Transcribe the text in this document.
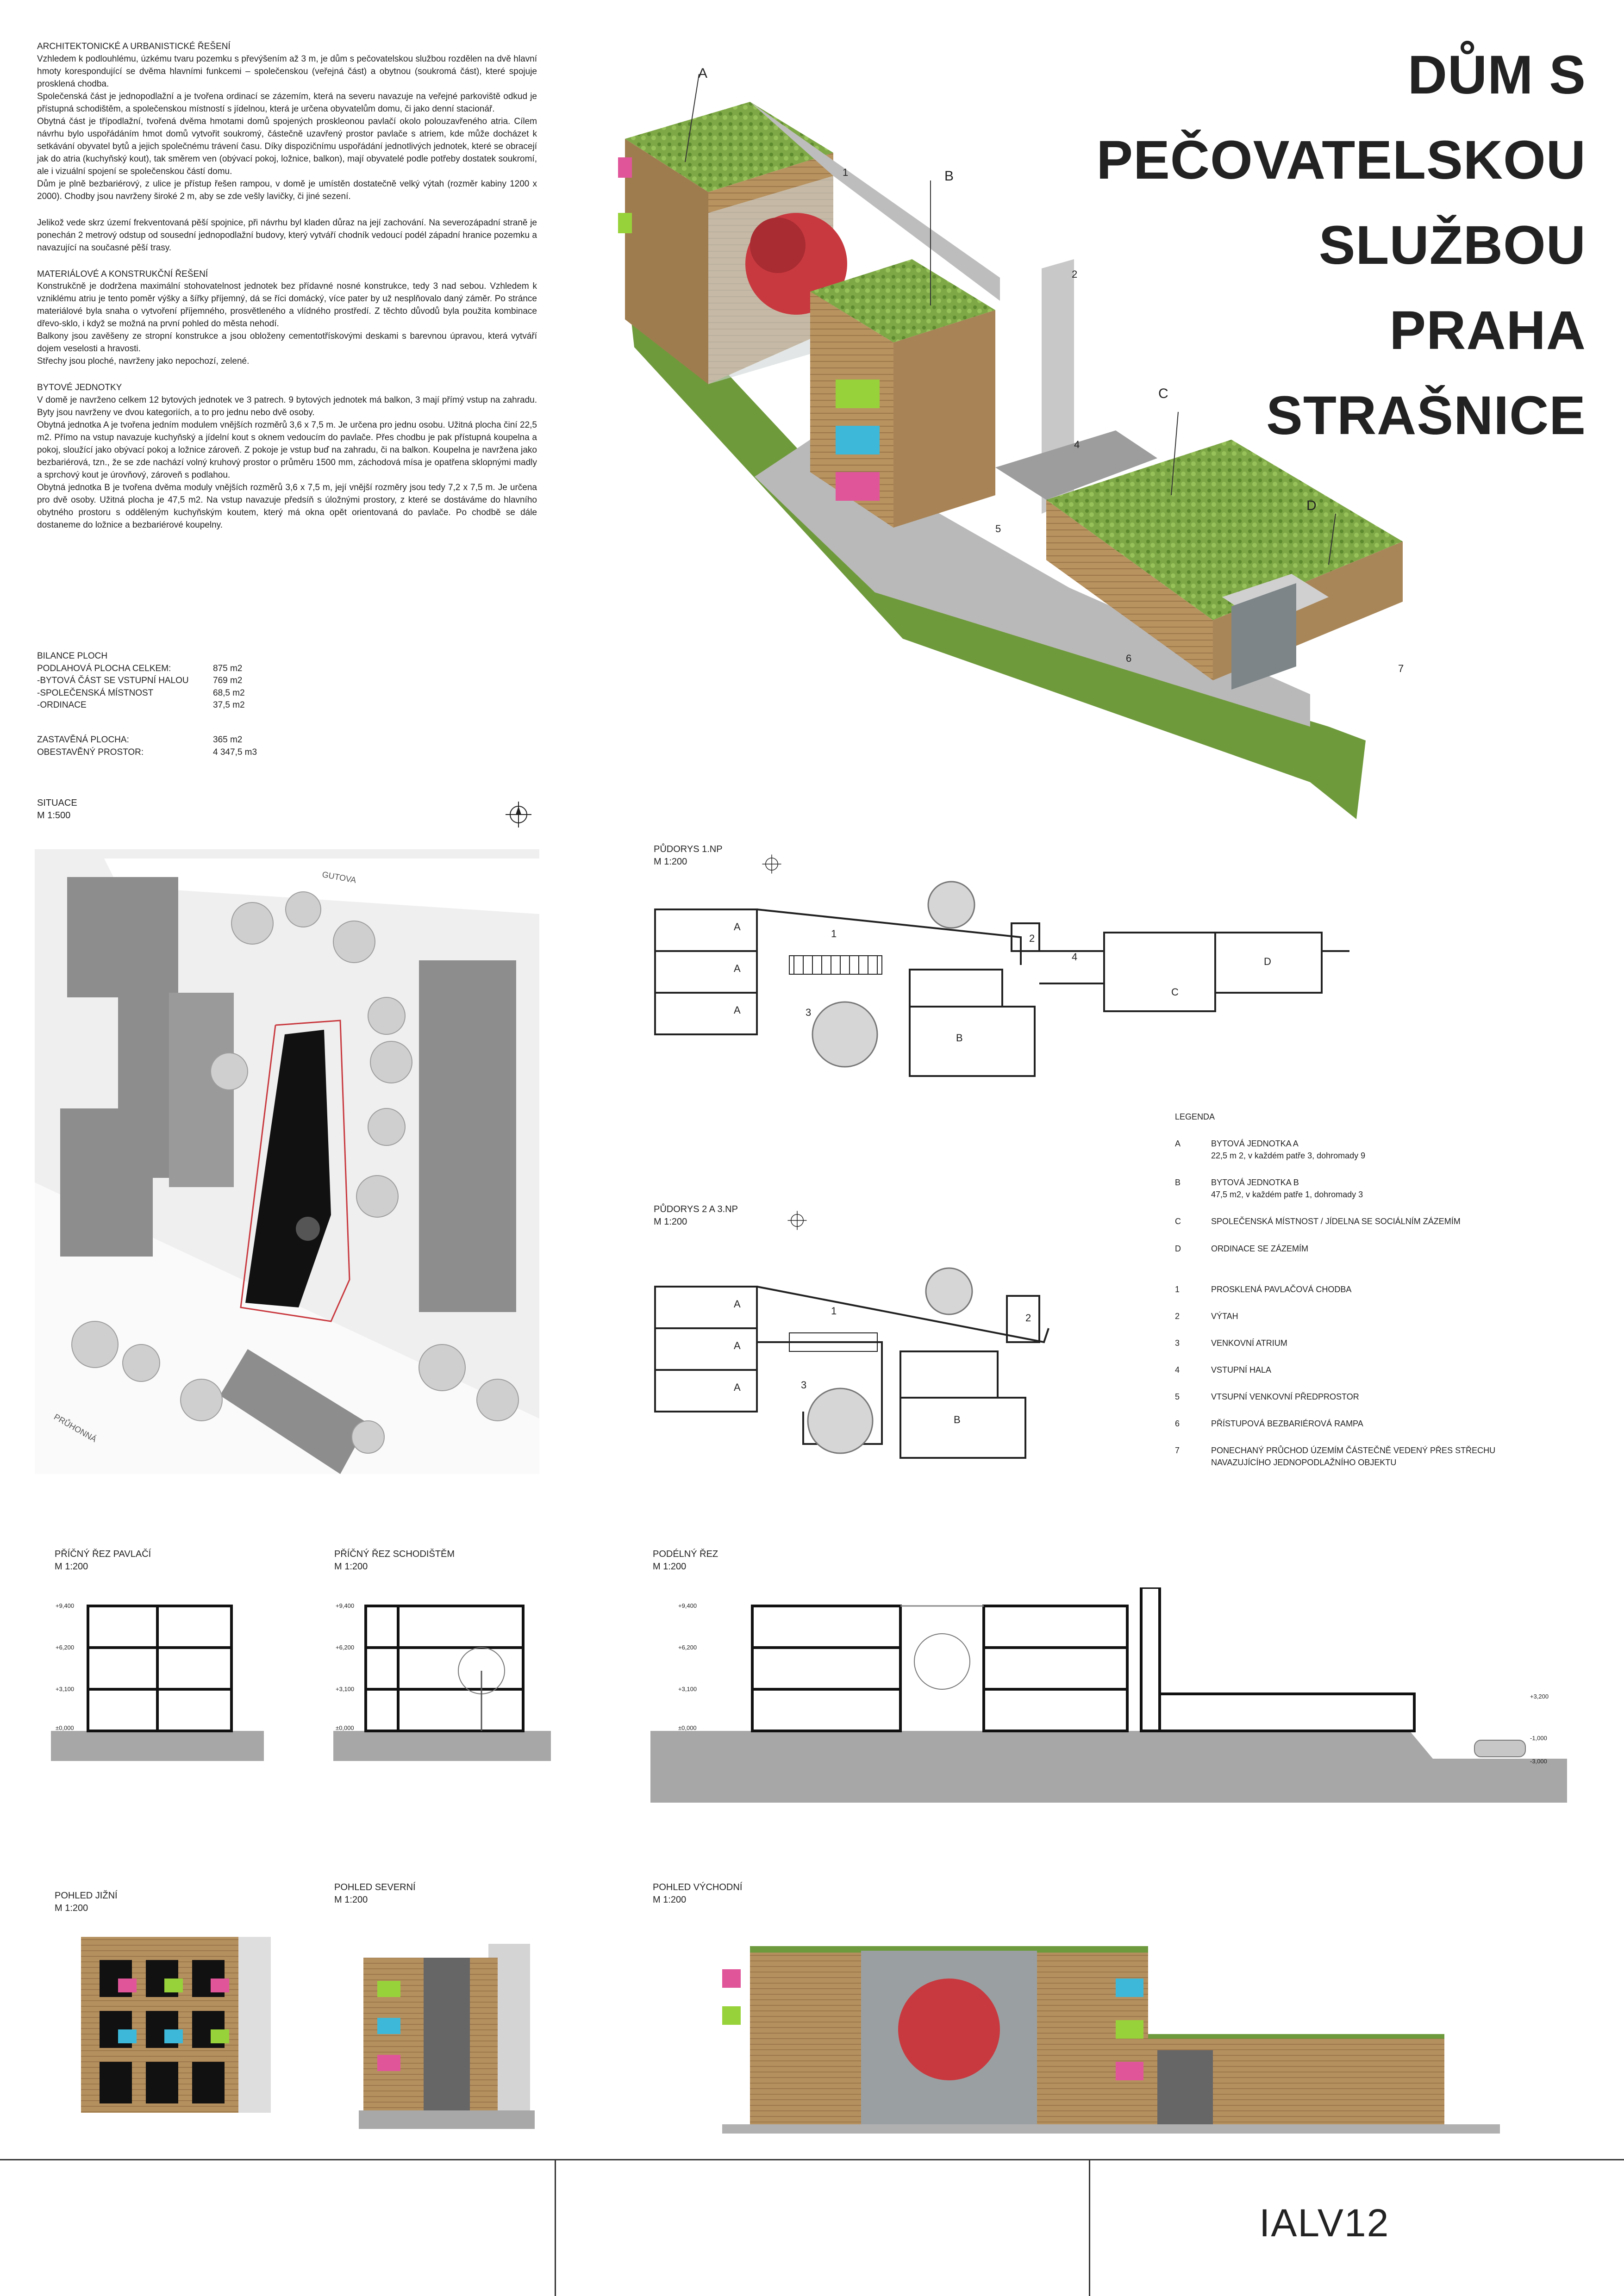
ARCHITEKTONICKÉ A URBANISTICKÉ ŘEŠENÍ

Vzhledem k podlouhlému, úzkému tvaru pozemku s převýšením až 3 m, je dům s pečovatelskou službou rozdělen na dvě hlavní hmoty korespondující se dvěma hlavními funkcemi – společenskou (veřejná část) a obytnou (soukromá část), které spojuje prosklená chodba.

Společenská část je jednopodlažní a je tvořena ordinací se zázemím, která na severu navazuje na veřejné parkoviště odkud je přístupná schodištěm, a společenskou místností s jídelnou, která je určena obyvatelům domu, či jako denní stacionář.

Obytná část je třípodlažní, tvořená dvěma hmotami domů spojených proskleonou pavlačí okolo polouzavřeného atria. Cílem návrhu bylo uspořádáním hmot domů vytvořit soukromý, částečně uzavřený prostor pavlače s atriem, kde může docházet k setkávání obyvatel bytů a jejich společnému trávení času. Díky dispozičnímu uspořádání jednotlivých jednotek, které se obracejí jak do atria (kuchyňský kout), tak směrem ven (obývací pokoj, ložnice, balkon), mají obyvatelé podle potřeby dostatek soukromí, ale i vizuální spojení se společenskou částí domu.

Dům je plně bezbariérový, z ulice je přístup řešen rampou, v domě je umístěn dostatečně velký výtah (rozměr kabiny 1200 x 2000). Chodby jsou navrženy široké 2 m, aby se zde vešly lavičky, či jiné sezení.

Jelikož vede skrz území frekventovaná pěší spojnice, při návrhu byl kladen důraz na její zachování. Na severozápadní straně je ponechán 2 metrový odstup od sousední jednopodlažní budovy, který vytváří chodník vedoucí podél západní hranice pozemku a navazující na současné pěší trasy.

MATERIÁLOVÉ A KONSTRUKČNÍ ŘEŠENÍ

Konstrukčně je dodržena maximální stohovatelnost jednotek bez přídavné nosné konstrukce, tedy 3 nad sebou. Vzhledem k vzniklému atriu je tento poměr výšky a šířky příjemný, dá se říci domácký, více pater by už nesplňovalo daný záměr. Po stránce materiálové byla snaha o vytvoření příjemného, prosvětleného a vlídného prostředí. Z těchto důvodů byla použita kombinace dřevo-sklo, i když se možná na první pohled do města nehodí.

Balkony jsou zavěšeny ze stropní konstrukce a jsou obloženy cementotřískovými deskami s barevnou úpravou, která vytváří dojem veselosti a hravosti.

Střechy jsou ploché, navrženy jako nepochozí, zelené.

BYTOVÉ JEDNOTKY

V domě je navrženo celkem 12 bytových jednotek ve 3 patrech. 9 bytových jednotek má balkon, 3 mají přímý vstup na zahradu. Byty jsou navrženy ve dvou kategoriích, a to pro jednu nebo dvě osoby.

Obytná jednotka A je tvořena jedním modulem vnějších rozměrů 3,6 x 7,5 m. Je určena pro jednu osobu. Užitná plocha činí 22,5 m2. Přímo na vstup navazuje kuchyňský a jídelní kout s oknem vedoucím do pavlače. Přes chodbu je pak přístupná koupelna a pokoj, sloužící jako obývací pokoj a ložnice zároveň. Z pokoje je vstup buď na zahradu, či na balkon. Koupelna je navržena jako bezbariérová, tzn., že se zde nachází volný kruhový prostor o průměru 1500 mm, záchodová mísa je opatřena sklopnými madly a sprchový kout je úrovňový, zároveň s podlahou.

Obytná jednotka B je tvořena dvěma moduly vnějších rozměrů 3,6 x 7,5 m, její vnější rozměry jsou tedy 7,2 x 7,5 m. Je určena pro dvě osoby. Užitná plocha je 47,5 m2. Na vstup navazuje předsíň s úložnými prostory, z které se dostáváme do hlavního obytného prostoru s odděleným kuchyňským koutem, který má okna opět orientovaná do pavlače. Po chodbě se dále dostaneme do ložnice a bezbariérové koupelny.

BILANCE PLOCH
PODLAHOVÁ PLOCHA CELKEM:	875 m2
-BYTOVÁ ČÁST SE VSTUPNÍ HALOU	769 m2
-SPOLEČENSKÁ MÍSTNOST	68,5 m2
-ORDINACE	37,5 m2
ZASTAVĚNÁ PLOCHA:	365 m2
OBESTAVĚNÝ PROSTOR:	4 347,5 m3
DŮM S
PEČOVATELSKOU
SLUŽBOU
PRAHA
STRAŠNICE
A
B
C
D
1
2
4
5
6
7
SITUACE
M 1:500
GUTOVA
PRŮHONNÁ
PŮDORYS 1.NP
M 1:200
A
A
A
1
3
B
2
4
C
D
PŮDORYS 2 A 3.NP
M 1:200
A
A
A
1
3
B
2
LEGENDA
A	BYTOVÁ JEDNOTKA A
22,5 m 2, v každém patře 3, dohromady 9
B	BYTOVÁ JEDNOTKA B
47,5 m2, v každém patře 1, dohromady 3
C	SPOLEČENSKÁ MÍSTNOST / JÍDELNA SE SOCIÁLNÍM ZÁZEMÍM
D	ORDINACE SE ZÁZEMÍM
1	PROSKLENÁ PAVLAČOVÁ CHODBA
2	VÝTAH
3	VENKOVNÍ ATRIUM
4	VSTUPNÍ HALA
5	VTSUPNÍ VENKOVNÍ PŘEDPROSTOR
6	PŘÍSTUPOVÁ BEZBARIÉROVÁ RAMPA
7	PONECHANÝ PRŮCHOD ÚZEMÍM ČÁSTEČNĚ VEDENÝ PŘES STŘECHU NAVAZUJÍCÍHO JEDNOPODLAŽNÍHO OBJEKTU
PŘÍČNÝ ŘEZ PAVLAČÍ
M 1:200
+9,400
+6,200
+3,100
±0,000
PŘÍČNÝ ŘEZ SCHODIŠTĚM
M 1:200
+9,400
+6,200
+3,100
±0,000
PODÉLNÝ ŘEZ
M 1:200
+9,400
+6,200
+3,100
±0,000
+3,200
-1,000
-3,000
POHLED JIŽNÍ
M 1:200
POHLED SEVERNÍ
M 1:200
POHLED VÝCHODNÍ
M 1:200
IALV12
